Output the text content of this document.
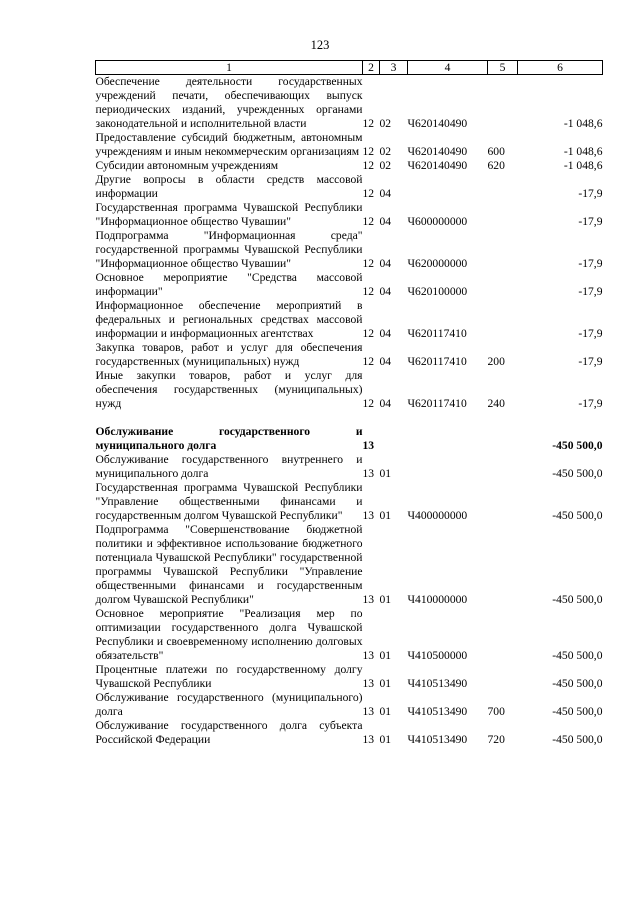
123
1	2	3	4	5	6
Обеспечение деятельности государственных учреждений печати, обеспечивающих выпуск периодических изданий, учрежденных органами законодательной и исполнительной власти	12	02	Ч620140490		-1 048,6
Предоставление субсидий бюджетным, автономным учреждениям и иным некоммерческим организациям	12	02	Ч620140490	600	-1 048,6
Субсидии автономным учреждениям	12	02	Ч620140490	620	-1 048,6
Другие вопросы в области средств массовой информации	12	04			-17,9
Государственная программа Чувашской Республики "Информационное общество Чувашии"	12	04	Ч600000000		-17,9
Подпрограмма "Информационная среда" государственной программы Чувашской Республики "Информационное общество Чувашии"	12	04	Ч620000000		-17,9
Основное мероприятие "Средства массовой информации"	12	04	Ч620100000		-17,9
Информационное обеспечение мероприятий в федеральных и региональных средствах массовой информации и информационных агентствах	12	04	Ч620117410		-17,9
Закупка товаров, работ и услуг для обеспечения государственных (муниципальных) нужд	12	04	Ч620117410	200	-17,9
Иные закупки товаров, работ и услуг для обеспечения государственных (муниципальных) нужд	12	04	Ч620117410	240	-17,9

Обслуживание государственного и муниципального долга	13				-450 500,0
Обслуживание государственного внутреннего и муниципального долга	13	01			-450 500,0
Государственная программа Чувашской Республики "Управление общественными финансами и государственным долгом Чувашской Республики"	13	01	Ч400000000		-450 500,0
Подпрограмма "Совершенствование бюджетной политики и эффективное использование бюджетного потенциала Чувашской Республики" государственной программы Чувашской Республики "Управление общественными финансами и государственным долгом Чувашской Республики"	13	01	Ч410000000		-450 500,0
Основное мероприятие "Реализация мер по оптимизации государственного долга Чувашской Республики и своевременному исполнению долговых обязательств"	13	01	Ч410500000		-450 500,0
Процентные платежи по государственному долгу Чувашской Республики	13	01	Ч410513490		-450 500,0
Обслуживание государственного (муниципального) долга	13	01	Ч410513490	700	-450 500,0
Обслуживание государственного долга субъекта Российской Федерации	13	01	Ч410513490	720	-450 500,0
